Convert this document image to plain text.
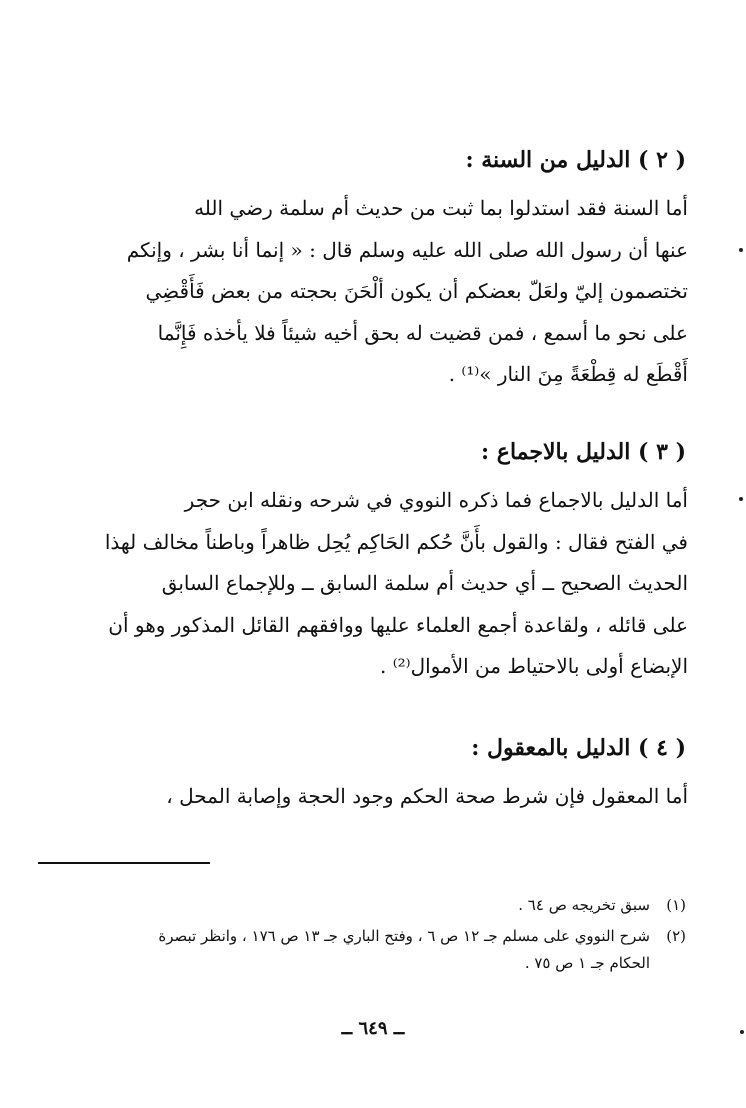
( ٢ ) الدليل من السنة :
أما السنة فقد استدلوا بما ثبت من حديث أم سلمة رضي الله
عنها أن رسول الله صلى الله عليه وسلم قال : « إنما أنا بشر ، وإنكم
تختصمون إليّ ولعَلّ بعضكم أن يكون ألْحَنَ بحجته من بعض فَأَقْضِي
على نحو ما أسمع ، فمن قضيت له بحق أخيه شيئاً فلا يأخذه فَإِنَّما
أَقْطَع له قِطْعَةً مِنَ النار »⁽¹⁾ .
( ٣ ) الدليل بالاجماع :
أما الدليل بالاجماع فما ذكره النووي في شرحه ونقله ابن حجر
في الفتح فقال : والقول بأَنَّ حُكم الحَاكِم يُحِل ظاهراً وباطناً مخالف لهذا
الحديث الصحيح ــ أي حديث أم سلمة السابق ــ وللإجماع السابق
على قائله ، ولقاعدة أجمع العلماء عليها ووافقهم القائل المذكور وهو أن
الإبضاع أولى بالاحتياط من الأموال⁽²⁾ .
( ٤ ) الدليل بالمعقول :
أما المعقول فإن شرط صحة الحكم وجود الحجة وإصابة المحل ،
(١)سبق تخريجه ص ٦٤ .
(٢)شرح النووي على مسلم جـ ١٢ ص ٦ ، وفتح الباري جـ ١٣ ص ١٧٦ ، وانظر تبصرة
الحكام جـ ١ ص ٧٥ .
ــ ٦٤٩ ــ
